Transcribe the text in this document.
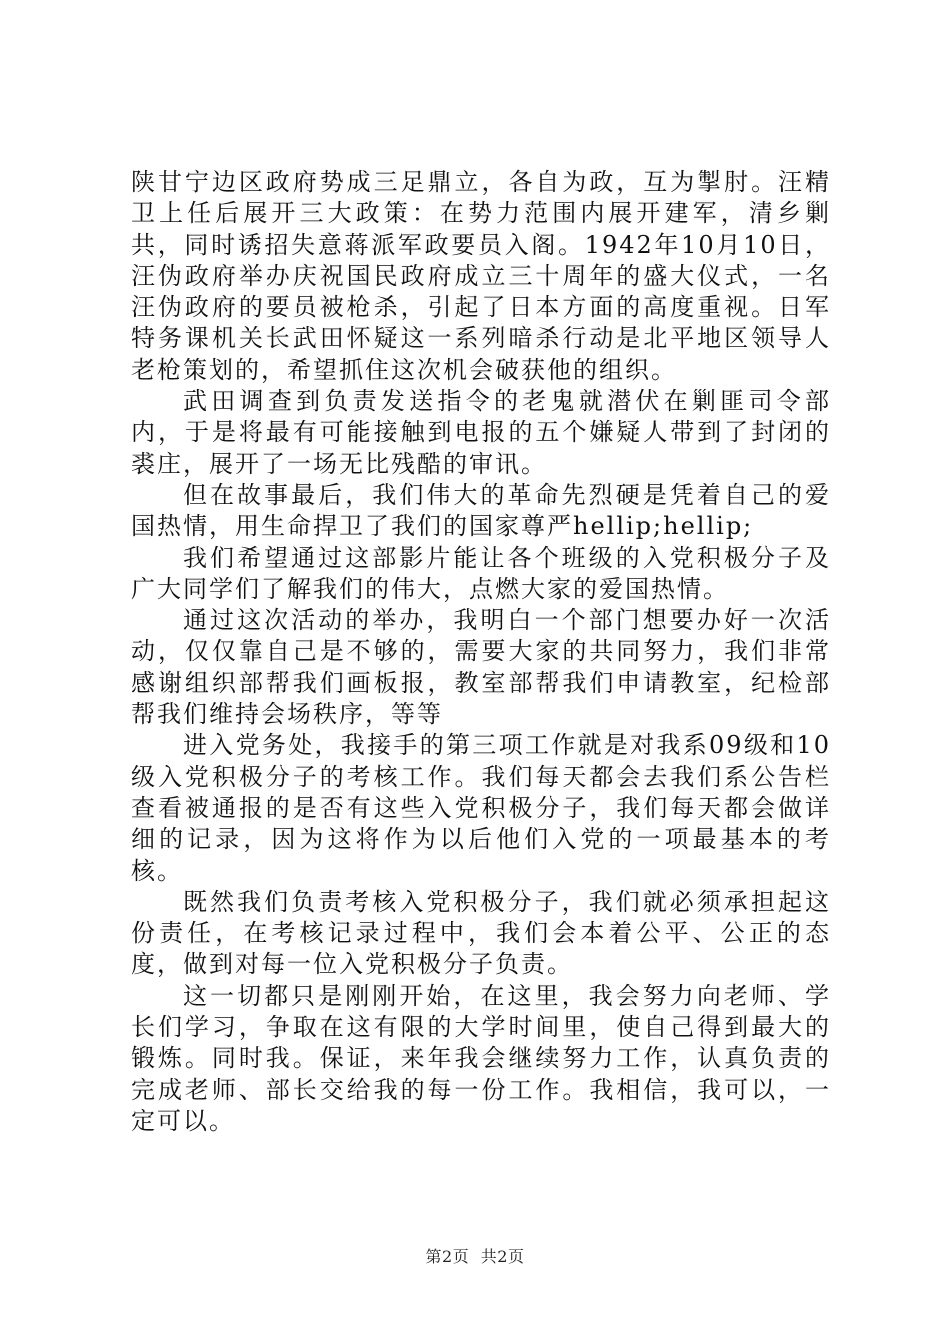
陕甘宁边区政府势成三足鼎立，各自为政，互为掣肘。汪精卫上任后展开三大政策：在势力范围内展开建军，清乡剿共，同时诱招失意蒋派军政要员入阁。1942年10月10日，汪伪政府举办庆祝国民政府成立三十周年的盛大仪式，一名汪伪政府的要员被枪杀，引起了日本方面的高度重视。日军特务课机关长武田怀疑这一系列暗杀行动是北平地区领导人老枪策划的，希望抓住这次机会破获他的组织。

武田调查到负责发送指令的老鬼就潜伏在剿匪司令部内，于是将最有可能接触到电报的五个嫌疑人带到了封闭的裘庄，展开了一场无比残酷的审讯。

但在故事最后，我们伟大的革命先烈硬是凭着自己的爱国热情，用生命捍卫了我们的国家尊严hellip;hellip;

我们希望通过这部影片能让各个班级的入党积极分子及广大同学们了解我们的伟大，点燃大家的爱国热情。

通过这次活动的举办，我明白一个部门想要办好一次活动，仅仅靠自己是不够的，需要大家的共同努力，我们非常感谢组织部帮我们画板报，教室部帮我们申请教室，纪检部帮我们维持会场秩序，等等

进入党务处，我接手的第三项工作就是对我系09级和10级入党积极分子的考核工作。我们每天都会去我们系公告栏查看被通报的是否有这些入党积极分子，我们每天都会做详细的记录，因为这将作为以后他们入党的一项最基本的考核。

既然我们负责考核入党积极分子，我们就必须承担起这份责任，在考核记录过程中，我们会本着公平、公正的态度，做到对每一位入党积极分子负责。

这一切都只是刚刚开始，在这里，我会努力向老师、学长们学习，争取在这有限的大学时间里，使自己得到最大的锻炼。同时我。保证，来年我会继续努力工作，认真负责的完成老师、部长交给我的每一份工作。我相信，我可以，一定可以。

第2页 共2页
